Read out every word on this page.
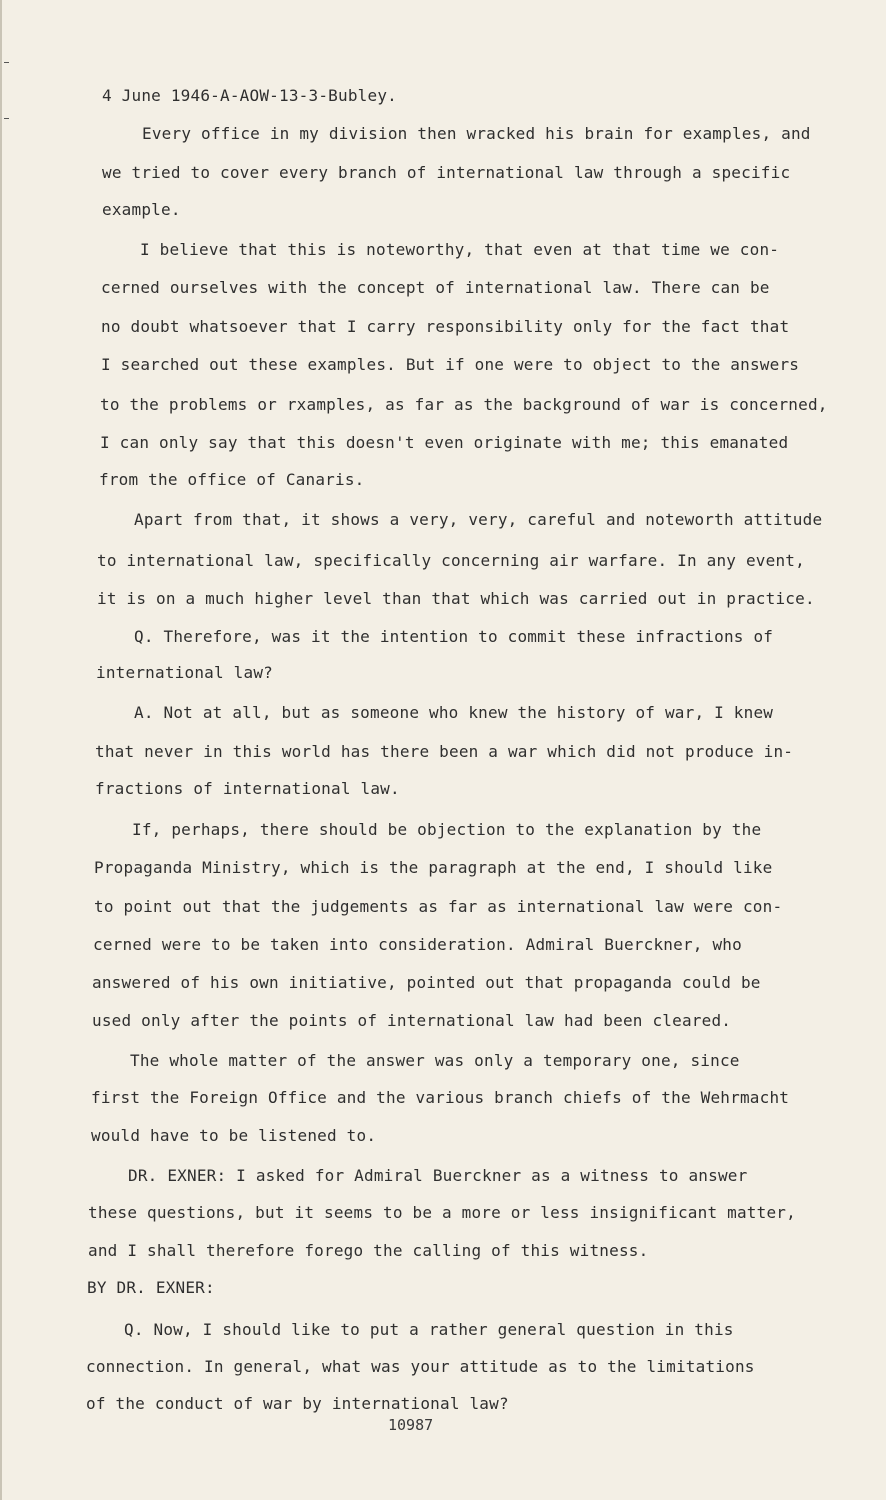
4 June 1946-A-AOW-13-3-Bubley.
Every office in my division then wracked his brain for examples, and
we tried to cover every branch of international law through a specific
example.
I believe that this is noteworthy, that even at that time we con-
cerned ourselves with the concept of international law. There can be
no doubt whatsoever that I carry responsibility only for the fact that
I searched out these examples. But if one were to object to the answers
to the problems or rxamples, as far as the background of war is concerned,
I can only say that this doesn't even originate with me; this emanated
from the office of Canaris.
Apart from that, it shows a very, very, careful and noteworth attitude
to international law, specifically concerning air warfare. In any event,
it is on a much higher level than that which was carried out in practice.
Q. Therefore, was it the intention to commit these infractions of
international law?
A. Not at all, but as someone who knew the history of war, I knew
that never in this world has there been a war which did not produce in-
fractions of international law.
If, perhaps, there should be objection to the explanation by the
Propaganda Ministry, which is the paragraph at the end, I should like
to point out that the judgements as far as international law were con-
cerned were to be taken into consideration. Admiral Buerckner, who
answered of his own initiative, pointed out that propaganda could be
used only after the points of international law had been cleared.
The whole matter of the answer was only a temporary one, since
first the Foreign Office and the various branch chiefs of the Wehrmacht
would have to be listened to.
DR. EXNER: I asked for Admiral Buerckner as a witness to answer
these questions, but it seems to be a more or less insignificant matter,
and I shall therefore forego the calling of this witness.
BY DR. EXNER:
Q. Now, I should like to put a rather general question in this
connection. In general, what was your attitude as to the limitations
of the conduct of war by international law?
10987
